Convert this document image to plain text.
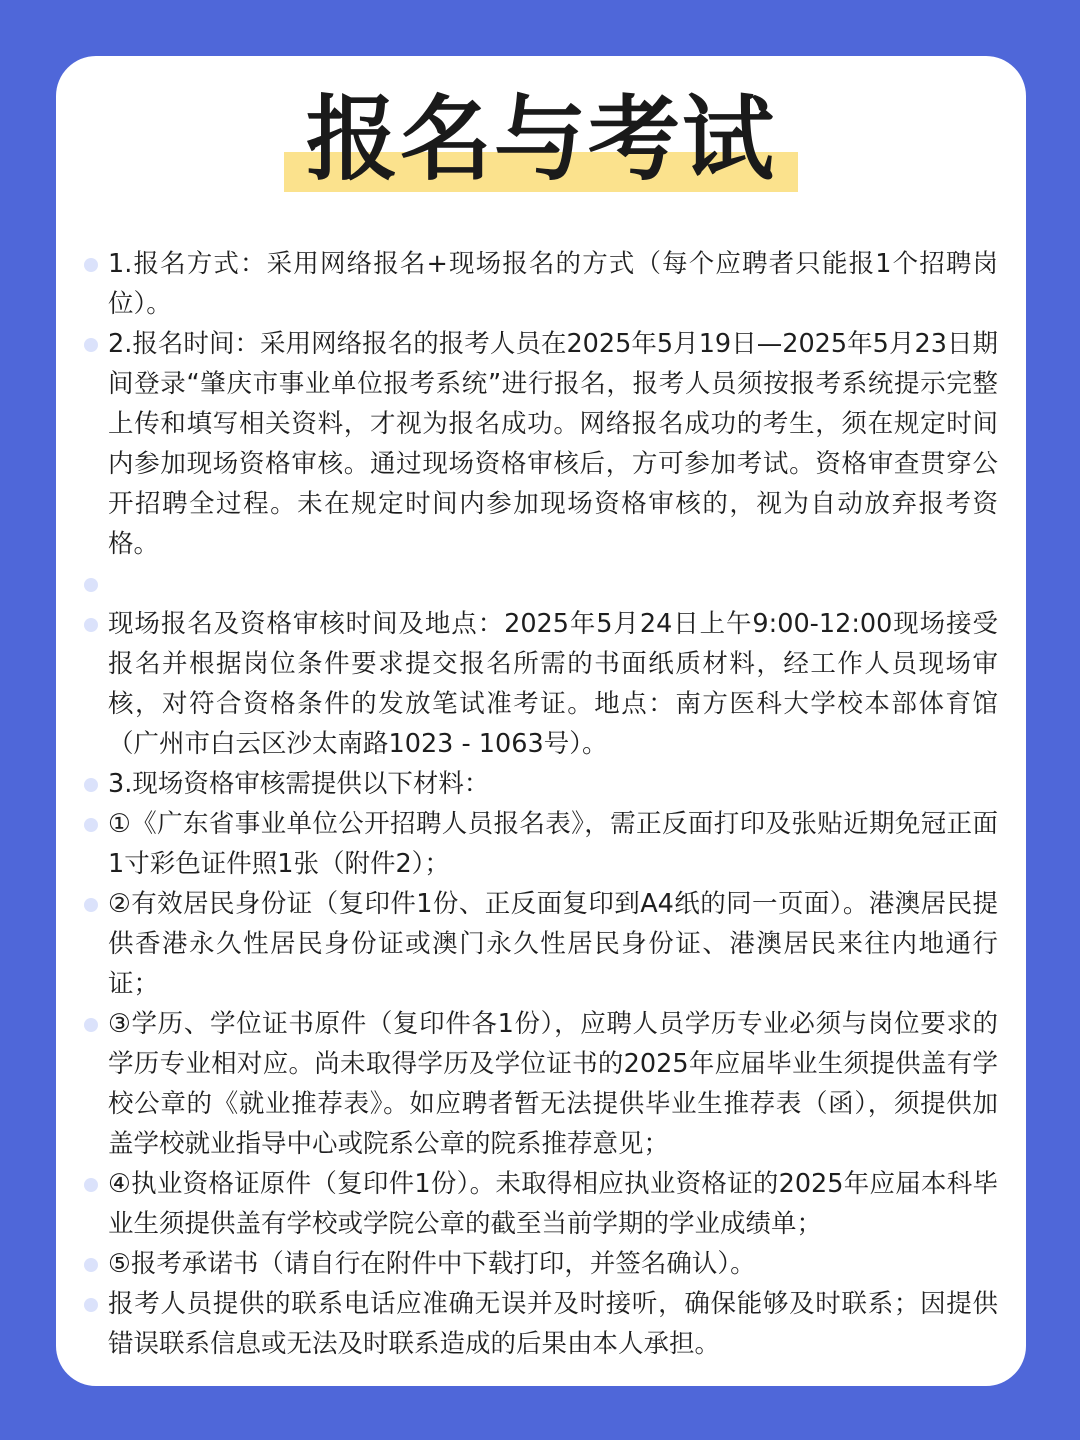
报名与考试
1.报名方式：采用网络报名+现场报名的方式（每个应聘者只能报1个招聘岗位）。
2.报名时间：采用网络报名的报考人员在2025年5月19日—2025年5月23日期间登录“肇庆市事业单位报考系统”进行报名，报考人员须按报考系统提示完整上传和填写相关资料，才视为报名成功。网络报名成功的考生，须在规定时间内参加现场资格审核。通过现场资格审核后，方可参加考试。资格审查贯穿公开招聘全过程。未在规定时间内参加现场资格审核的，视为自动放弃报考资格。
现场报名及资格审核时间及地点：2025年5月24日上午9:00-12:00现场接受报名并根据岗位条件要求提交报名所需的书面纸质材料，经工作人员现场审核，对符合资格条件的发放笔试准考证。地点：南方医科大学校本部体育馆（广州市白云区沙太南路1023 - 1063号）。
3.现场资格审核需提供以下材料：
①《广东省事业单位公开招聘人员报名表》，需正反面打印及张贴近期免冠正面1寸彩色证件照1张（附件2）；
②有效居民身份证（复印件1份、正反面复印到A4纸的同一页面）。港澳居民提供香港永久性居民身份证或澳门永久性居民身份证、港澳居民来往内地通行证；
③学历、学位证书原件（复印件各1份），应聘人员学历专业必须与岗位要求的学历专业相对应。尚未取得学历及学位证书的2025年应届毕业生须提供盖有学校公章的《就业推荐表》。如应聘者暂无法提供毕业生推荐表（函），须提供加盖学校就业指导中心或院系公章的院系推荐意见；
④执业资格证原件（复印件1份）。未取得相应执业资格证的2025年应届本科毕业生须提供盖有学校或学院公章的截至当前学期的学业成绩单；
⑤报考承诺书（请自行在附件中下载打印，并签名确认）。
报考人员提供的联系电话应准确无误并及时接听，确保能够及时联系；因提供错误联系信息或无法及时联系造成的后果由本人承担。
